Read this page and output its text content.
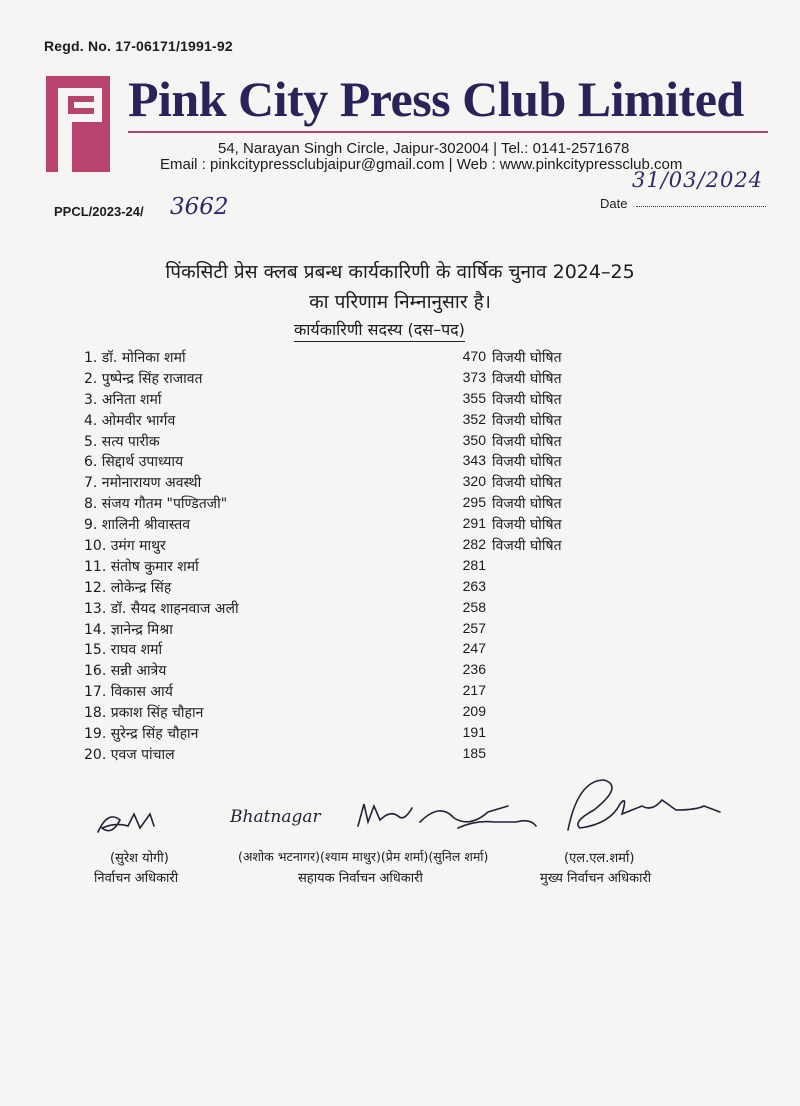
Regd. No. 17-06171/1991-92
Pink City Press Club Limited
54, Narayan Singh Circle, Jaipur-302004 | Tel.: 0141-2571678
Email : pinkcitypressclubjaipur@gmail.com | Web : www.pinkcitypressclub.com
PPCL/2023-24/ 3662
31/03/2024
Date
पिंकसिटी प्रेस क्लब प्रबन्ध कार्यकारिणी के वार्षिक चुनाव 2024–25
का परिणाम निम्नानुसार है।
कार्यकारिणी सदस्य (दस–पद)
1. डॉ. मोनिका शर्मा	470 विजयी घोषित
2. पुष्पेन्द्र सिंह राजावत	373 विजयी घोषित
3. अनिता शर्मा	355 विजयी घोषित
4. ओमवीर भार्गव	352 विजयी घोषित
5. सत्य पारीक	350 विजयी घोषित
6. सिद्दार्थ उपाध्याय	343 विजयी घोषित
7. नमोनारायण अवस्थी	320 विजयी घोषित
8. संजय गौतम "पण्डितजी"	295 विजयी घोषित
9. शालिनी श्रीवास्तव	291 विजयी घोषित
10. उमंग माथुर	282 विजयी घोषित
11. संतोष कुमार शर्मा	281
12. लोकेन्द्र सिंह	263
13. डॉ. सैयद शाहनवाज अली	258
14. ज्ञानेन्द्र मिश्रा	257
15. राघव शर्मा	247
16. सन्नी आत्रेय	236
17. विकास आर्य	217
18. प्रकाश सिंह चौहान	209
19. सुरेन्द्र सिंह चौहान	191
20. एवज पांचाल	185
Bhatnagar
(सुरेश योगी)
निर्वाचन अधिकारी
(अशोक भटनागर)(श्याम माथुर)(प्रेम शर्मा)(सुनिल शर्मा)
सहायक निर्वाचन अधिकारी
(एल.एल.शर्मा)
मुख्य निर्वाचन अधिकारी
